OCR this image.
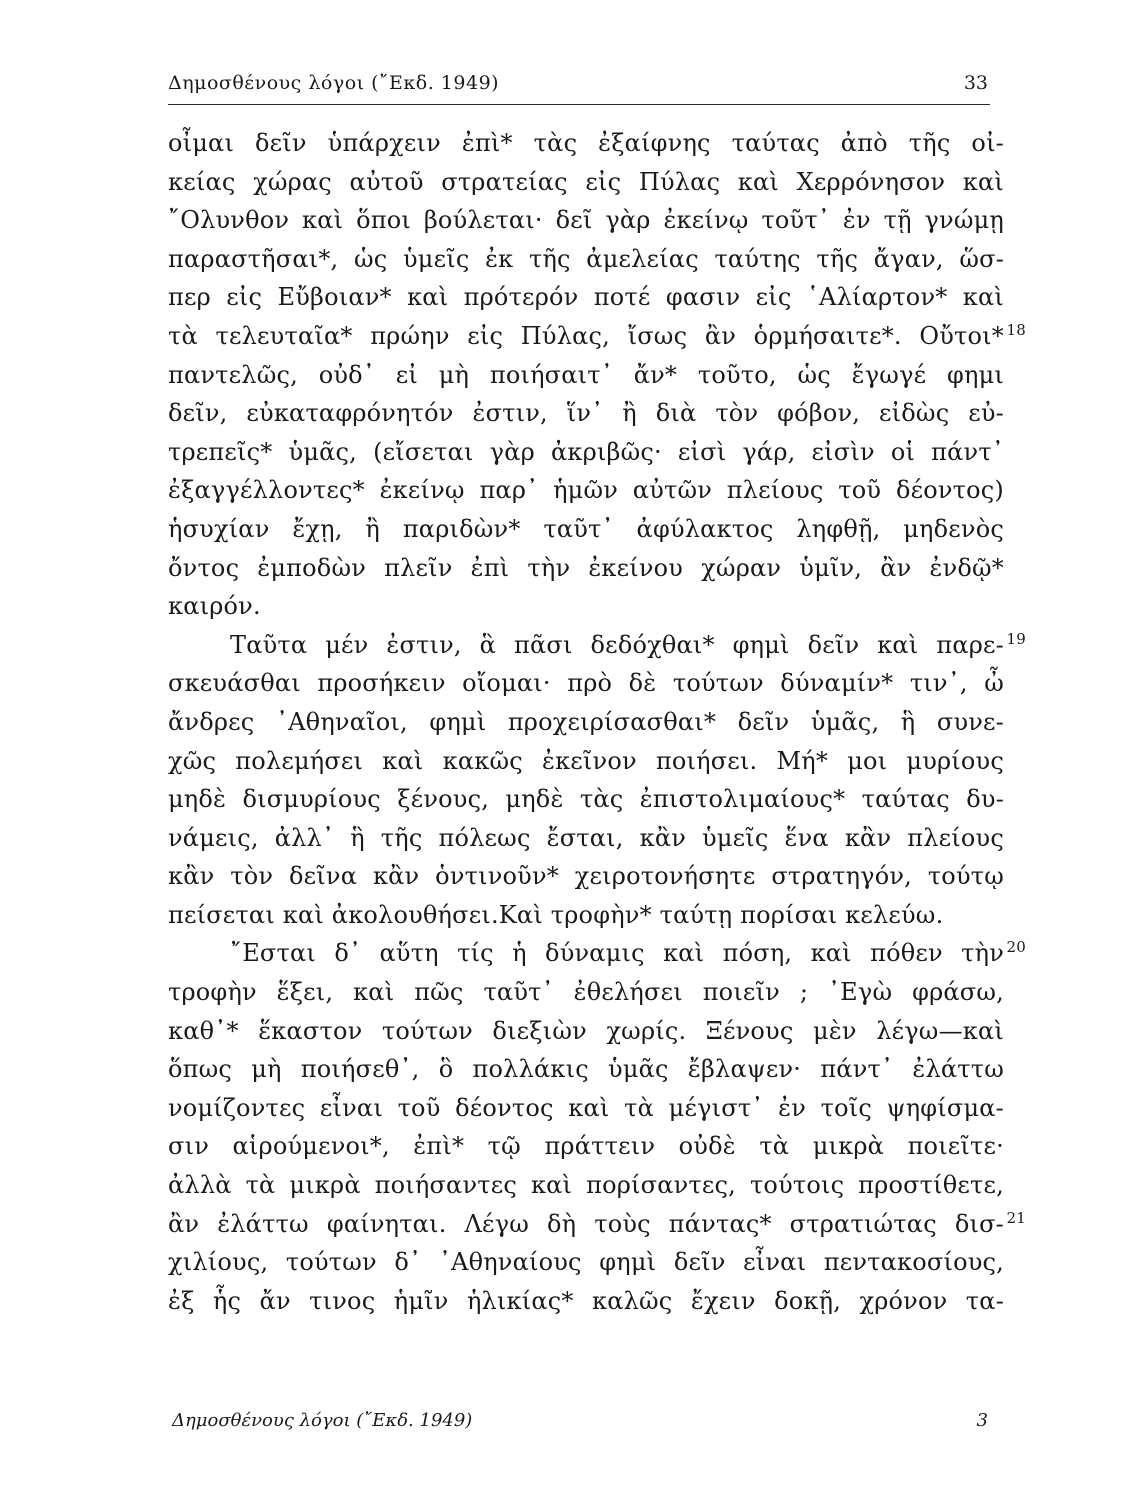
Δημοσθένους λόγοι (῎Εκδ. 1949)	33
οἶμαι δεῖν ὑπάρχειν ἐπὶ* τὰς ἐξαίφνης ταύτας ἀπὸ τῆς οἰ-
κείας χώρας αὐτοῦ στρατείας εἰς Πύλας καὶ Χερρόνησον καὶ
῎Ολυνθον καὶ ὅποι βούλεται· δεῖ γὰρ ἐκείνῳ τοῦτ᾿ ἐν τῇ γνώμῃ
παραστῆσαι*, ὡς ὑμεῖς ἐκ τῆς ἀμελείας ταύτης τῆς ἄγαν, ὥσ-
περ εἰς Εὔβοιαν* καὶ πρότερόν ποτέ φασιν εἰς ῾Αλίαρτον* καὶ
τὰ τελευταῖα* πρώην εἰς Πύλας, ἴσως ἂν ὁρμήσαιτε*. Οὔτοι* 18
παντελῶς, οὐδ᾿ εἰ μὴ ποιήσαιτ᾿ ἄν* τοῦτο, ὡς ἔγωγέ φημι
δεῖν, εὐκαταφρόνητόν ἐστιν, ἵν᾿ ἢ διὰ τὸν φόβον, εἰδὼς εὐ-
τρεπεῖς* ὑμᾶς, (εἴσεται γὰρ ἀκριβῶς· εἰσὶ γάρ, εἰσὶν οἱ πάντ᾿
ἐξαγγέλλοντες* ἐκείνῳ παρ᾿ ἡμῶν αὐτῶν πλείους τοῦ δέοντος)
ἡσυχίαν ἔχῃ, ἢ παριδὼν* ταῦτ᾿ ἀφύλακτος ληφθῇ, μηδενὸς
ὄντος ἐμποδὼν πλεῖν ἐπὶ τὴν ἐκείνου χώραν ὑμῖν, ἂν ἐνδῷ*
καιρόν.
Ταῦτα μέν ἐστιν, ἃ πᾶσι δεδόχθαι* φημὶ δεῖν καὶ παρε- 19
σκευάσθαι προσήκειν οἴομαι· πρὸ δὲ τούτων δύναμίν* τιν᾿, ὦ
ἄνδρες ᾿Αθηναῖοι, φημὶ προχειρίσασθαι* δεῖν ὑμᾶς, ἣ συνε-
χῶς πολεμήσει καὶ κακῶς ἐκεῖνον ποιήσει. Μή* μοι μυρίους
μηδὲ δισμυρίους ξένους, μηδὲ τὰς ἐπιστολιμαίους* ταύτας δυ-
νάμεις, ἀλλ᾿ ἣ τῆς πόλεως ἔσται, κἂν ὑμεῖς ἕνα κἂν πλείους
κἂν τὸν δεῖνα κἂν ὁντινοῦν* χειροτονήσητε στρατηγόν, τούτῳ
πείσεται καὶ ἀκολουθήσει.Καὶ τροφὴν* ταύτῃ πορίσαι κελεύω.
῎Εσται δ᾿ αὕτη τίς ἡ δύναμις καὶ πόση, καὶ πόθεν τὴν 20
τροφὴν ἕξει, καὶ πῶς ταῦτ᾿ ἐθελήσει ποιεῖν ; ᾿Εγὼ φράσω,
καθ᾿* ἕκαστον τούτων διεξιὼν χωρίς. Ξένους μὲν λέγω—καὶ
ὅπως μὴ ποιήσεθ᾿, ὃ πολλάκις ὑμᾶς ἔβλαψεν· πάντ᾿ ἐλάττω
νομίζοντες εἶναι τοῦ δέοντος καὶ τὰ μέγιστ᾿ ἐν τοῖς ψηφίσμα-
σιν αἱρούμενοι*, ἐπὶ* τῷ πράττειν οὐδὲ τὰ μικρὰ ποιεῖτε·
ἀλλὰ τὰ μικρὰ ποιήσαντες καὶ πορίσαντες, τούτοις προστίθετε,
ἂν ἐλάττω φαίνηται. Λέγω δὴ τοὺς πάντας* στρατιώτας δισ- 21
χιλίους, τούτων δ᾿ ᾿Αθηναίους φημὶ δεῖν εἶναι πεντακοσίους,
ἐξ ἧς ἄν τινος ἡμῖν ἡλικίας* καλῶς ἔχειν δοκῇ, χρόνον τα-
Δημοσθένους λόγοι (῎Εκδ. 1949)	3
